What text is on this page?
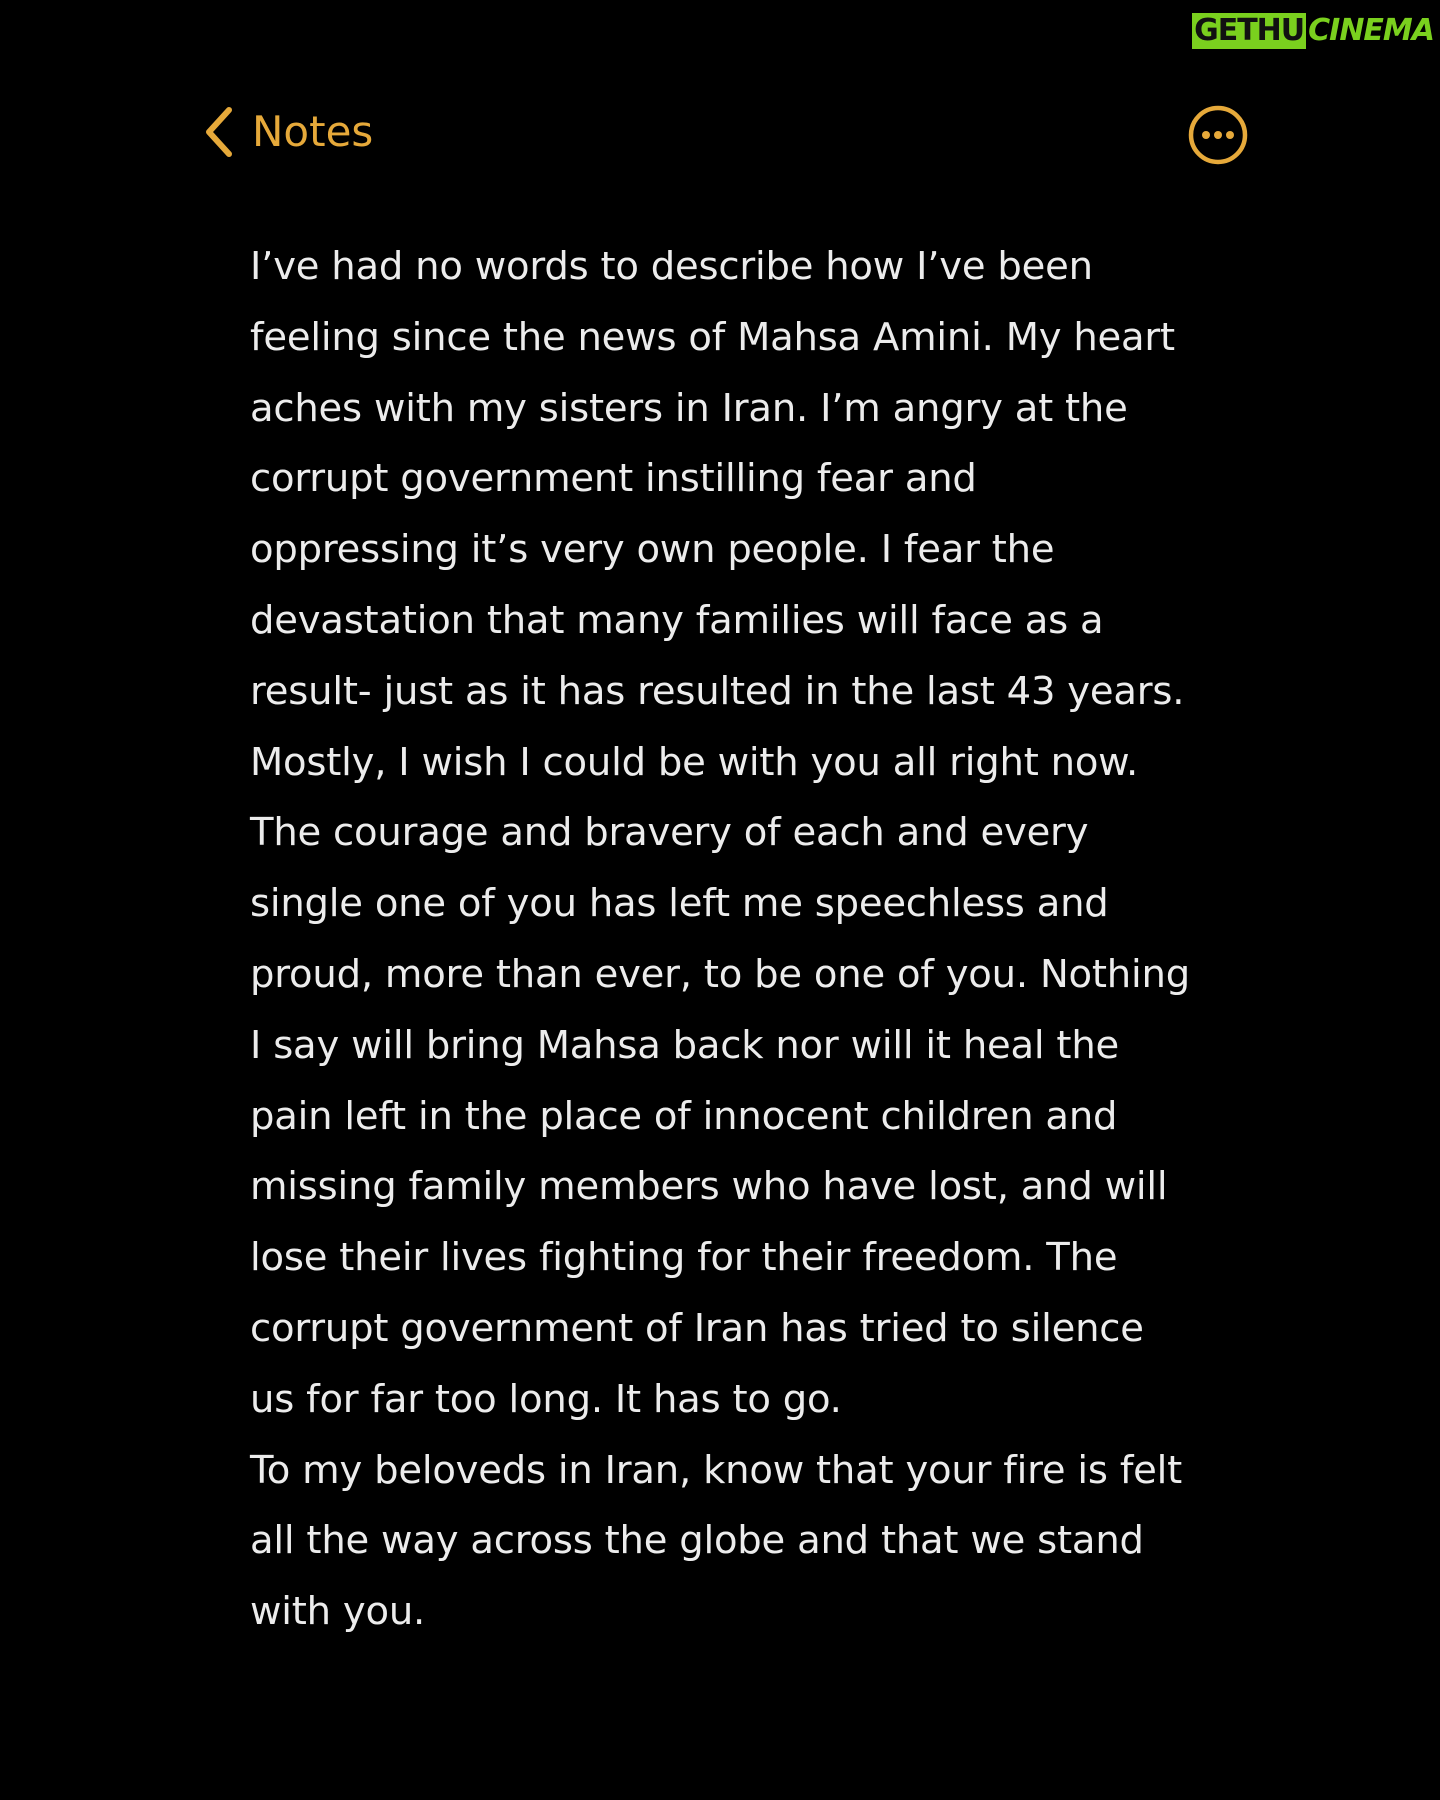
GETHU CINEMA
Notes
I’ve had no words to describe how I’ve been
feeling since the news of Mahsa Amini. My heart
aches with my sisters in Iran. I’m angry at the
corrupt government instilling fear and
oppressing it’s very own people. I fear the
devastation that many families will face as a
result- just as it has resulted in the last 43 years.
Mostly, I wish I could be with you all right now.
The courage and bravery of each and every
single one of you has left me speechless and
proud, more than ever, to be one of you. Nothing
I say will bring Mahsa back nor will it heal the
pain left in the place of innocent children and
missing family members who have lost, and will
lose their lives fighting for their freedom. The
corrupt government of Iran has tried to silence
us for far too long. It has to go.
To my beloveds in Iran, know that your fire is felt
all the way across the globe and that we stand
with you.
